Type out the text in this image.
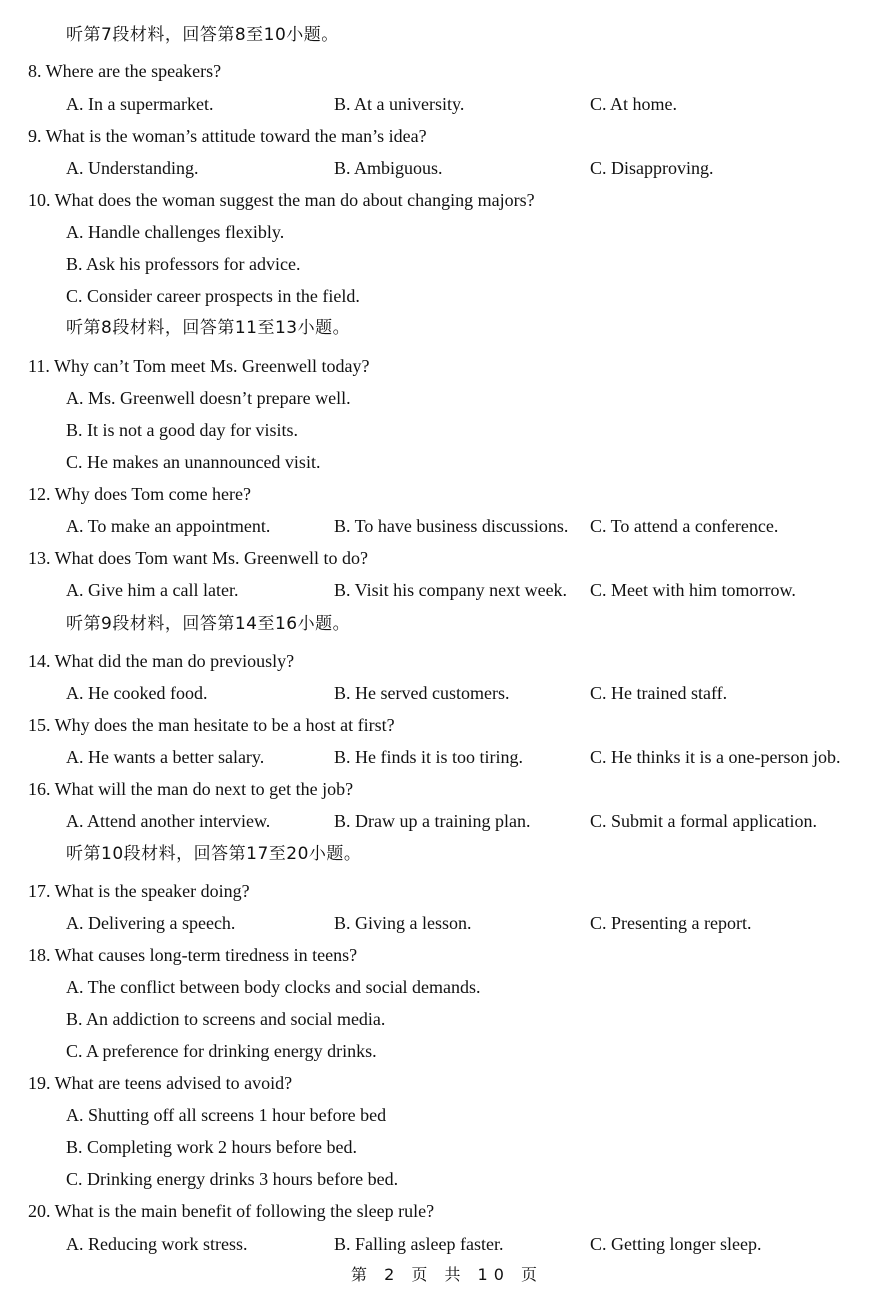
听第7段材料，回答第8至10小题。
8. Where are the speakers?
A. In a supermarket.	B. At a university.	C. At home.
9. What is the woman’s attitude toward the man’s idea?
A. Understanding.	B. Ambiguous.	C. Disapproving.
10. What does the woman suggest the man do about changing majors?
A. Handle challenges flexibly.
B. Ask his professors for advice.
C. Consider career prospects in the field.
听第8段材料，回答第11至13小题。
11. Why can’t Tom meet Ms. Greenwell today?
A. Ms. Greenwell doesn’t prepare well.
B. It is not a good day for visits.
C. He makes an unannounced visit.
12. Why does Tom come here?
A. To make an appointment.	B. To have business discussions. C. To attend a conference.
13. What does Tom want Ms. Greenwell to do?
A. Give him a call later.	B. Visit his company next week. C. Meet with him tomorrow.
听第9段材料，回答第14至16小题。
14. What did the man do previously?
A. He cooked food.	B. He served customers.	C. He trained staff.
15. Why does the man hesitate to be a host at first?
A. He wants a better salary.	B. He finds it is too tiring.	C. He thinks it is a one-person job.
16. What will the man do next to get the job?
A. Attend another interview.	B. Draw up a training plan.	C. Submit a formal application.
听第10段材料，回答第17至20小题。
17. What is the speaker doing?
A. Delivering a speech.	B. Giving a lesson.	C. Presenting a report.
18. What causes long-term tiredness in teens?
A. The conflict between body clocks and social demands.
B. An addiction to screens and social media.
C. A preference for drinking energy drinks.
19. What are teens advised to avoid?
A. Shutting off all screens 1 hour before bed
B. Completing work 2 hours before bed.
C. Drinking energy drinks 3 hours before bed.
20. What is the main benefit of following the sleep rule?
A. Reducing work stress.	B. Falling asleep faster.	C. Getting longer sleep.
第 2 页 共 10 页
